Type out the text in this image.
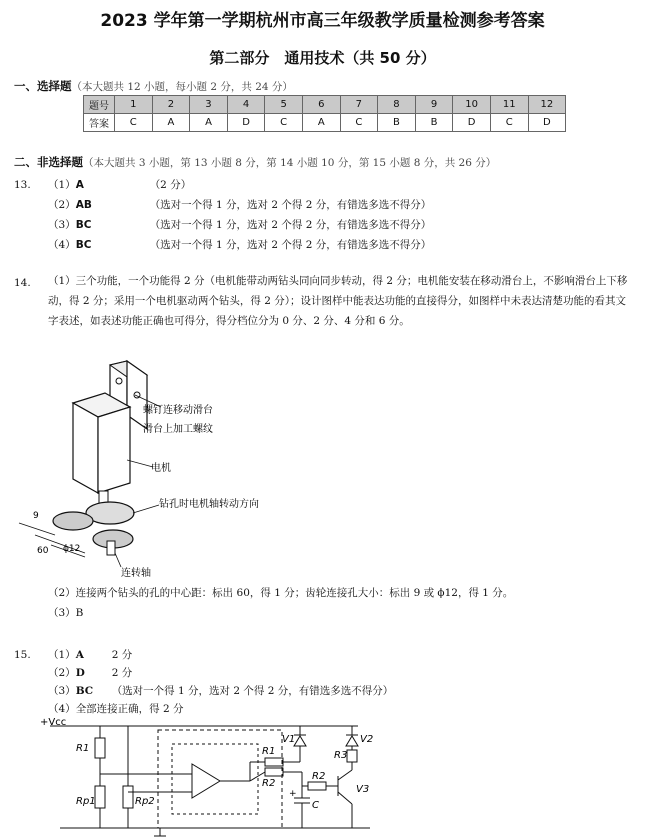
2023 学年第一学期杭州市高三年级教学质量检测参考答案
第二部分　通用技术（共 50 分）
一、选择题（本大题共 12 小题，每小题 2 分，共 24 分）
题号	1	2	3	4	5	6	7	8	9	10	11	12
答案	C	A	A	D	C	A	C	B	B	D	C	D
二、非选择题（本大题共 3 小题，第 13 小题 8 分，第 14 小题 10 分，第 15 小题 8 分，共 26 分）
13. （1）A	（2 分）
（2）AB	（选对一个得 1 分，选对 2 个得 2 分，有错选多选不得分）
（3）BC	（选对一个得 1 分，选对 2 个得 2 分，有错选多选不得分）
（4）BC	（选对一个得 1 分，选对 2 个得 2 分，有错选多选不得分）
14. （1）三个功能，一个功能得 2 分（电机能带动两钻头同向同步转动，得 2 分；电机能安装在移动滑台上，不影响滑台上下移动，得 2 分；采用一个电机驱动两个钻头，得 2 分）；设计图样中能表达功能的直接得分，如图样中未表达清楚功能的看其文字表述，如表述功能正确也可得分，得分档位分为 0 分、2 分、4 分和 6 分。
9
60 ϕ12
螺钉连移动滑台
滑台上加工螺纹
电机
钻孔时电机轴转动方向
连转轴
（2）连接两个钻头的孔的中心距：标出 60，得 1 分；齿轮连接孔大小：标出 9 或 ϕ12，得 1 分。
（3）B
15. （1）A	2 分
（2）D	2 分
（3）BC （选对一个得 1 分，选对 2 个得 2 分，有错选多选不得分）
（4）全部连接正确，得 2 分
+Vcc
R1
Rp1	Rp2
R1
R2
R2
R3
V1	V2
V3
C
+
